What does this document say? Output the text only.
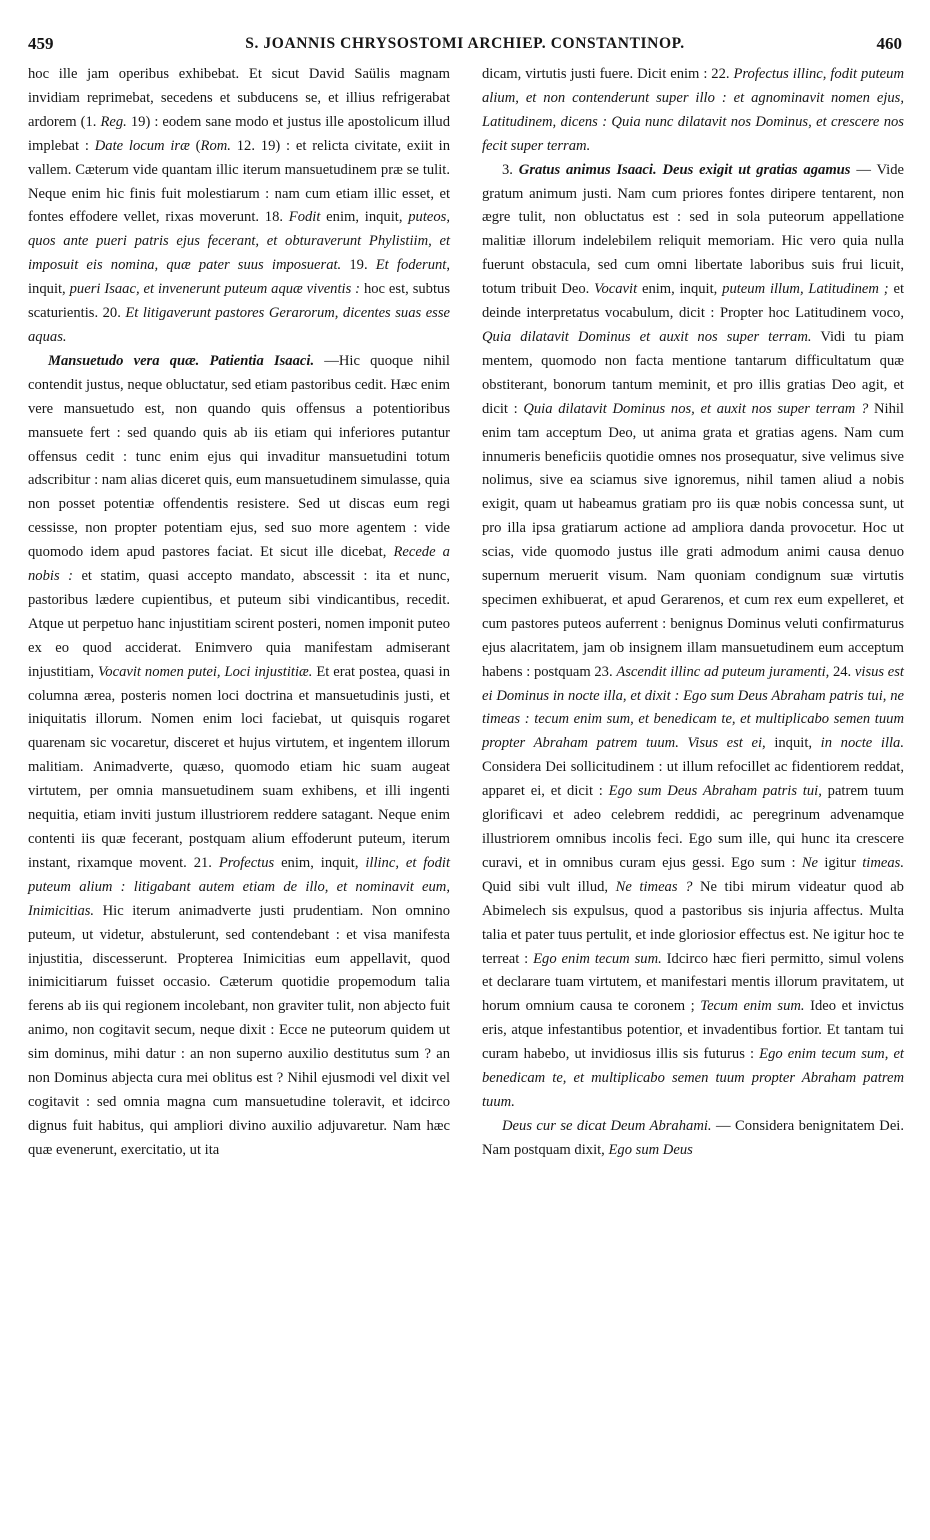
459	S. JOANNIS CHRYSOSTOMI ARCHIEP. CONSTANTINOP.	460

hoc ille jam operibus exhibebat. Et sicut David Saülis magnam invidiam reprimebat, secedens et subducens se, et illius refrigerabat ardorem (1. Reg. 19) : eodem sane modo et justus ille apostolicum illud implebat : Date locum iræ (Rom. 12. 19) : et relicta civitate, exiit in vallem. Cæterum vide quantam illic iterum mansuetudinem præ se tulit. Neque enim hic finis fuit molestiarum : nam cum etiam illic esset, et fontes effodere vellet, rixas moverunt. 18. Fodit enim, inquit, puteos, quos ante pueri patris ejus fecerant, et obturaverunt Phylistiim, et imposuit eis nomina, quæ pater suus imposuerat. 19. Et foderunt, inquit, pueri Isaac, et invenerunt puteum aquæ viventis : hoc est, subtus scaturientis. 20. Et litigaverunt pastores Gerarorum, dicentes suas esse aquas.

Mansuetudo vera quæ. Patientia Isaaci. —Hic quoque nihil contendit justus, neque obluctatur, sed etiam pastoribus cedit. Hæc enim vere mansuetudo est, non quando quis offensus a potentioribus mansuete fert : sed quando quis ab iis etiam qui inferiores putantur offensus cedit : tunc enim ejus qui invaditur mansuetudini totum adscribitur : nam alias diceret quis, eum mansuetudinem simulasse, quia non posset potentiæ offendentis resistere. Sed ut discas eum regi cessisse, non propter potentiam ejus, sed suo more agentem : vide quomodo idem apud pastores faciat. Et sicut ille dicebat, Recede a nobis : et statim, quasi accepto mandato, abscessit : ita et nunc, pastoribus lædere cupientibus, et puteum sibi vindicantibus, recedit. Atque ut perpetuo hanc injustitiam scirent posteri, nomen imponit puteo ex eo quod acciderat. Enimvero quia manifestam admiserant injustitiam, Vocavit nomen putei, Loci injustitiæ. Et erat postea, quasi in columna ærea, posteris nomen loci doctrina et mansuetudinis justi, et iniquitatis illorum. Nomen enim loci faciebat, ut quisquis rogaret quarenam sic vocaretur, disceret et hujus virtutem, et ingentem illorum malitiam. Animadverte, quæso, quomodo etiam hic suam augeat virtutem, per omnia mansuetudinem suam exhibens, et illi ingenti nequitia, etiam inviti justum illustriorem reddere satagant. Neque enim contenti iis quæ fecerant, postquam alium effoderunt puteum, iterum instant, rixamque movent. 21. Profectus enim, inquit, illinc, et fodit puteum alium : litigabant autem etiam de illo, et nominavit eum, Inimicitias. Hic iterum animadverte justi prudentiam. Non omnino puteum, ut videtur, abstulerunt, sed contendebant : et visa manifesta injustitia, discesserunt. Propterea Inimicitias eum appellavit, quod inimicitiarum fuisset occasio. Cæterum quotidie propemodum talia ferens ab iis qui regionem incolebant, non graviter tulit, non abjecto fuit animo, non cogitavit secum, neque dixit : Ecce ne puteorum quidem ut sim dominus, mihi datur : an non superno auxilio destitutus sum ? an non Dominus abjecta cura mei oblitus est ? Nihil ejusmodi vel dixit vel cogitavit : sed omnia magna cum mansuetudine toleravit, et idcirco dignus fuit habitus, qui ampliori divino auxilio adjuvaretur. Nam hæc quæ evenerunt, exercitatio, ut ita

dicam, virtutis justi fuere. Dicit enim : 22. Profectus illinc, fodit puteum alium, et non contenderunt super illo : et agnominavit nomen ejus, Latitudinem, dicens : Quia nunc dilatavit nos Dominus, et crescere nos fecit super terram.

3. Gratus animus Isaaci. Deus exigit ut gratias agamus — Vide gratum animum justi. Nam cum priores fontes diripere tentarent, non ægre tulit, non obluctatus est : sed in sola puteorum appellatione malitiæ illorum indelebilem reliquit memoriam. Hic vero quia nulla fuerunt obstacula, sed cum omni libertate laboribus suis frui licuit, totum tribuit Deo. Vocavit enim, inquit, puteum illum, Latitudinem ; et deinde interpretatus vocabulum, dicit : Propter hoc Latitudinem voco, Quia dilatavit Dominus et auxit nos super terram. Vidi tu piam mentem, quomodo non facta mentione tantarum difficultatum quæ obstiterant, bonorum tantum meminit, et pro illis gratias Deo agit, et dicit : Quia dilatavit Dominus nos, et auxit nos super terram ? Nihil enim tam acceptum Deo, ut anima grata et gratias agens. Nam cum innumeris beneficiis quotidie omnes nos prosequatur, sive velimus sive nolimus, sive ea sciamus sive ignoremus, nihil tamen aliud a nobis exigit, quam ut habeamus gratiam pro iis quæ nobis concessa sunt, ut pro illa ipsa gratiarum actione ad ampliora danda provocetur. Hoc ut scias, vide quomodo justus ille grati admodum animi causa denuo supernum meruerit visum. Nam quoniam condignum suæ virtutis specimen exhibuerat, et apud Gerarenos, et cum rex eum expelleret, et cum pastores puteos auferrent : benignus Dominus veluti confirmaturus ejus alacritatem, jam ob insignem illam mansuetudinem eum acceptum habens : postquam 23. Ascendit illinc ad puteum juramenti, 24. visus est ei Dominus in nocte illa, et dixit : Ego sum Deus Abraham patris tui, ne timeas : tecum enim sum, et benedicam te, et multiplicabo semen tuum propter Abraham patrem tuum. Visus est ei, inquit, in nocte illa. Considera Dei sollicitudinem : ut illum refocillet ac fidentiorem reddat, apparet ei, et dicit : Ego sum Deus Abraham patris tui, patrem tuum glorificavi et adeo celebrem reddidi, ac peregrinum advenamque illustriorem omnibus incolis feci. Ego sum ille, qui hunc ita crescere curavi, et in omnibus curam ejus gessi. Ego sum : Ne igitur timeas. Quid sibi vult illud, Ne timeas ? Ne tibi mirum videatur quod ab Abimelech sis expulsus, quod a pastoribus sis injuria affectus. Multa talia et pater tuus pertulit, et inde gloriosior effectus est. Ne igitur hoc te terreat : Ego enim tecum sum. Idcirco hæc fieri permitto, simul volens et declarare tuam virtutem, et manifestari mentis illorum pravitatem, ut horum omnium causa te coronem ; Tecum enim sum. Ideo et invictus eris, atque infestantibus potentior, et invadentibus fortior. Et tantam tui curam habebo, ut invidiosus illis sis futurus : Ego enim tecum sum, et benedicam te, et multiplicabo semen tuum propter Abraham patrem tuum.

Deus cur se dicat Deum Abrahami. — Considera benignitatem Dei. Nam postquam dixit, Ego sum Deus
